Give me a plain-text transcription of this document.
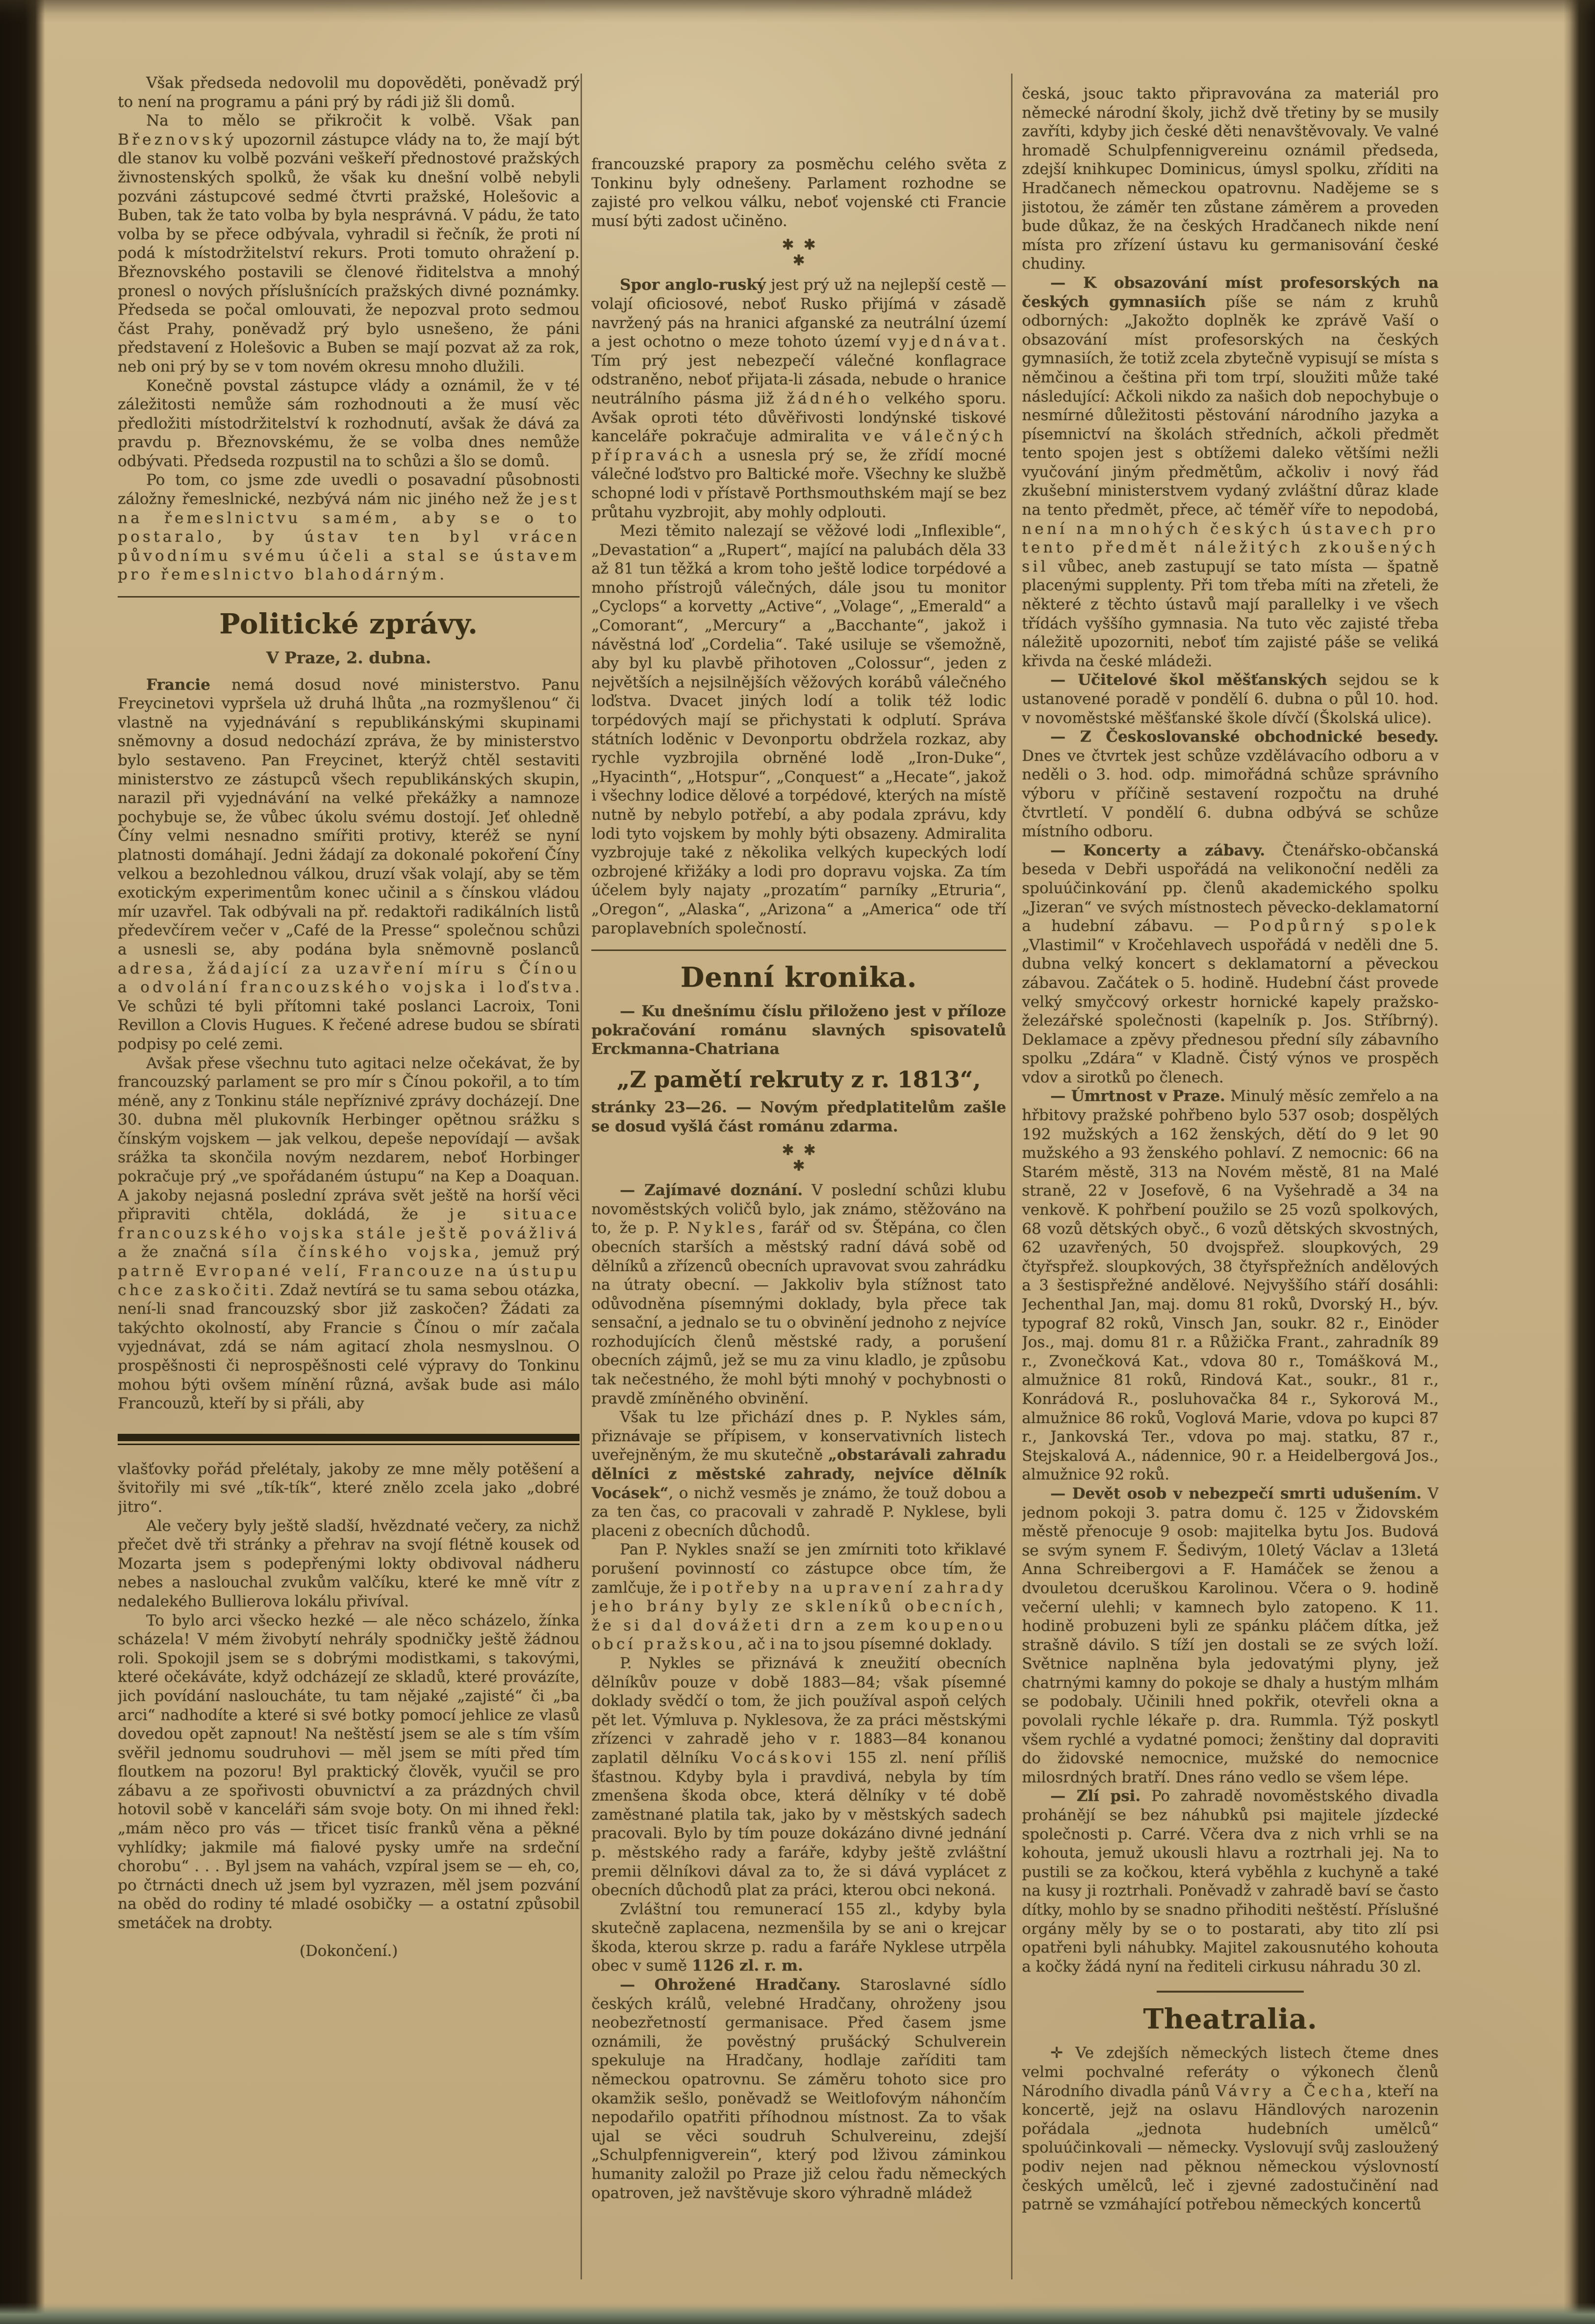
Však předseda nedovolil mu dopověděti, poněvadž prý to není na programu a páni prý by rádi již šli domů.

Na to mělo se přikročit k volbě. Však pan Březnovský upozornil zástupce vlády na to, že mají být dle stanov ku volbě pozváni veškeří přednostové pražských živnostenských spolků, že však ku dnešní volbě nebyli pozváni zástupcové sedmé čtvrti pražské, Holešovic a Buben, tak že tato volba by byla nesprávná. V pádu, že tato volba by se přece odbývala, vyhradil si řečník, že proti ní podá k místodržitelství rekurs. Proti tomuto ohražení p. Březnovského postavili se členové řiditelstva a mnohý pronesl o nových příslušnících pražských divné poznámky. Předseda se počal omlouvati, že nepozval proto sedmou část Prahy, poněvadž prý bylo usnešeno, že páni představení z Holešovic a Buben se mají pozvat až za rok, neb oni prý by se v tom novém okresu mnoho dlužili.

Konečně povstal zástupce vlády a oznámil, že v té záležitosti nemůže sám rozhodnouti a že musí věc předložiti místodržitelství k rozhodnutí, avšak že dává za pravdu p. Březnovskému, že se volba dnes nemůže odbývati. Předseda rozpustil na to schůzi a šlo se domů.

Po tom, co jsme zde uvedli o posavadní působnosti záložny řemeslnické, nezbývá nám nic jiného než že jest na řemeslnictvu samém, aby se o to postaralo, by ústav ten byl vrácen původnímu svému účeli a stal se ústavem pro řemeslnictvo blahodárným.

Politické zprávy.
V Praze, 2. dubna.

Francie nemá dosud nové ministerstvo. Panu Freycinetovi vypršela už druhá lhůta „na rozmyšlenou“ či vlastně na vyjednávání s republikánskými skupinami sněmovny a dosud nedochází zpráva, že by ministerstvo bylo sestaveno. Pan Freycinet, kterýž chtěl sestaviti ministerstvo ze zástupců všech republikánských skupin, narazil při vyjednávání na velké překážky a namnoze pochybuje se, že vůbec úkolu svému dostojí. Jeť ohledně Číny velmi nesnadno smířiti protivy, kteréž se nyní platnosti domáhají. Jedni žádají za dokonalé pokoření Číny velkou a bezohlednou válkou, druzí však volají, aby se těm exotickým experimentům konec učinil a s čínskou vládou mír uzavřel. Tak odbývali na př. redaktoři radikálních listů předevčírem večer v „Café de la Presse“ společnou schůzi a usnesli se, aby podána byla sněmovně poslanců adresa, žádající za uzavření míru s Čínou a odvolání francouzského vojska i loďstva. Ve schůzi té byli přítomni také poslanci Lacroix, Toni Revillon a Clovis Hugues. K řečené adrese budou se sbírati podpisy po celé zemi.

Avšak přese všechnu tuto agitaci nelze očekávat, že by francouzský parlament se pro mír s Čínou pokořil, a to tím méně, any z Tonkinu stále nepříznivé zprávy docházejí. Dne 30. dubna měl plukovník Herbinger opětnou srážku s čínským vojskem — jak velkou, depeše nepovídají — avšak srážka ta skončila novým nezdarem, neboť Horbinger pokračuje prý „ve spořádaném ústupu“ na Kep a Doaquan. A jakoby nejasná poslední zpráva svět ještě na horší věci připraviti chtěla, dokládá, že je situace francouzského vojska stále ještě povážlivá a že značná síla čínského vojska, jemuž prý patrně Evropané velí, Francouze na ústupu chce zaskočiti. Zdaž nevtírá se tu sama sebou otázka, není-li snad francouzský sbor již zaskočen? Žádati za takýchto okolností, aby Francie s Čínou o mír začala vyjednávat, zdá se nám agitací zhola nesmyslnou. O prospěšnosti či neprospěšnosti celé výpravy do Tonkinu mohou býti ovšem mínění různá, avšak bude asi málo Francouzů, kteří by si přáli, aby

vlašťovky pořád přelétaly, jakoby ze mne měly potěšení a švitořily mi své „tík-tík“, které znělo zcela jako „dobré jitro“.

Ale večery byly ještě sladší, hvězdnaté večery, za nichž přečet dvě tři stránky a přehrav na svojí flétně kousek od Mozarta jsem s podepřenými lokty obdivoval nádheru nebes a naslouchal zvukům valčíku, které ke mně vítr z nedalekého Bullierova lokálu přivíval.

To bylo arci všecko hezké — ale něco scházelo, žínka scházela! V mém živobytí nehrály spodničky ještě žádnou roli. Spokojil jsem se s dobrými modistkami, s takovými, které očekáváte, když odcházejí ze skladů, které provázíte, jich povídání nasloucháte, tu tam nějaké „zajisté“ či „ba arci“ nadhodíte a které si své botky pomocí jehlice ze vlasů dovedou opět zapnout! Na neštěstí jsem se ale s tím vším svěřil jednomu soudruhovi — měl jsem se míti před tím floutkem na pozoru! Byl praktický člověk, vyučil se pro zábavu a ze spořivosti obuvnictví a za prázdných chvil hotovil sobě v kanceláři sám svoje boty. On mi ihned řekl: „mám něco pro vás — třicet tisíc franků věna a pěkné vyhlídky; jakmile má fialové pysky umře na srdeční chorobu“ . . . Byl jsem na vahách, vzpíral jsem se — eh, co, po čtrnácti dnech už jsem byl vyzrazen, měl jsem pozvání na oběd do rodiny té mladé osobičky — a ostatní způsobil smetáček na drobty.

(Dokončení.)

francouzské prapory za posměchu celého světa z Tonkinu byly odnešeny. Parlament rozhodne se zajisté pro velkou válku, neboť vojenské cti Francie musí býti zadost učiněno.

✱  ✱
✱

Spor anglo-ruský jest prý už na nejlepší cestě — volají oficiosové, neboť Rusko přijímá v zásadě navržený pás na hranici afganské za neutrální území a jest ochotno o meze tohoto území vyjednávat. Tím prý jest nebezpečí válečné konflagrace odstraněno, neboť přijata-li zásada, nebude o hranice neutrálního pásma již žádného velkého sporu. Avšak oproti této důvěřivosti londýnské tiskové kanceláře pokračuje admiralita ve válečných přípravách a usnesla prý se, že zřídí mocné válečné loďstvo pro Baltické moře. Všechny ke službě schopné lodi v přístavě Porthsmouthském mají se bez průtahu vyzbrojit, aby mohly odplouti.

Mezi těmito nalezají se věžové lodi „Inflexible“, „Devastation“ a „Rupert“, mající na palubách děla 33 až 81 tun těžká a krom toho ještě lodice torpédové a mnoho přístrojů válečných, dále jsou tu monitor „Cyclops“ a korvetty „Active“, „Volage“, „Emerald“ a „Comorant“, „Mercury“ a „Bacchante“, jakož i návěstná loď „Cordelia“. Také usiluje se všemožně, aby byl ku plavbě přihotoven „Colossur“, jeden z největších a nejsilnějších věžových korábů válečného loďstva. Dvacet jiných lodí a tolik též lodic torpédových mají se přichystati k odplutí. Správa státních loděnic v Devonportu obdržela rozkaz, aby rychle vyzbrojila obrněné lodě „Iron-Duke“, „Hyacinth“, „Hotspur“, „Conquest“ a „Hecate“, jakož i všechny lodice dělové a torpédové, kterých na místě nutně by nebylo potřebí, a aby podala zprávu, kdy lodi tyto vojskem by mohly býti obsazeny. Admiralita vyzbrojuje také z několika velkých kupeckých lodí ozbrojené křižáky a lodi pro dopravu vojska. Za tím účelem byly najaty „prozatím“ parníky „Etruria“, „Oregon“, „Alaska“, „Arizona“ a „America“ ode tří paroplavebních společností.

Denní kronika.

— Ku dnešnímu číslu přiloženo jest v příloze pokračování románu slavných spisovatelů Erckmanna-Chatriana

„Z pamětí rekruty z r. 1813“,

stránky 23—26. — Novým předplatitelům zašle se dosud vyšlá část románu zdarma.

✱  ✱
✱

— Zajímavé doznání. V poslední schůzi klubu novoměstských voličů bylo, jak známo, stěžováno na to, že p. P. Nykles, farář od sv. Štěpána, co člen obecních starších a městský radní dává sobě od dělníků a zřízenců obecních upravovat svou zahrádku na útraty obecní. — Jakkoliv byla stížnost tato odůvodněna písemnými doklady, byla přece tak sensační, a jednalo se tu o obvinění jednoho z nejvíce rozhodujících členů městské rady, a porušení obecních zájmů, jež se mu za vinu kladlo, je způsobu tak nečestného, že mohl býti mnohý v pochybnosti o pravdě zmíněného obvinění.

Však tu lze přichází dnes p. P. Nykles sám, přiznávaje se přípisem, v konservativních listech uveřejněným, že mu skutečně „obstarávali zahradu dělníci z městské zahrady, nejvíce dělník Vocásek“, o nichž vesměs je známo, že touž dobou a za ten čas, co pracovali v zahradě P. Nyklese, byli placeni z obecních důchodů.

Pan P. Nykles snaží se jen zmírniti toto křiklavé porušení povinností co zástupce obce tím, že zamlčuje, že i potřeby na upravení zahrady jeho brány byly ze skleníků obecních, že si dal dovážeti drn a zem koupenou obcí pražskou, ač i na to jsou písemné doklady.

P. Nykles se přiznává k zneužití obecních dělníkův pouze v době 1883—84; však písemné doklady svědčí o tom, že jich používal aspoň celých pět let. Výmluva p. Nyklesova, že za práci městskými zřízenci v zahradě jeho v r. 1883—84 konanou zaplatil dělníku Vocáskovi 155 zl. není příliš šťastnou. Kdyby byla i pravdivá, nebyla by tím zmenšena škoda obce, která dělníky v té době zaměstnané platila tak, jako by v městských sadech pracovali. Bylo by tím pouze dokázáno divné jednání p. městského rady a faráře, kdyby ještě zvláštní premii dělníkovi dával za to, že si dává vyplácet z obecních důchodů plat za práci, kterou obci nekoná.

Zvláštní tou remunerací 155 zl., kdyby byla skutečně zaplacena, nezmenšila by se ani o krejcar škoda, kterou skrze p. radu a faráře Nyklese utrpěla obec v sumě 1126 zl. r. m.

— Ohrožené Hradčany. Staroslavné sídlo českých králů, velebné Hradčany, ohroženy jsou neobezřetností germanisace. Před časem jsme oznámili, že pověstný prušácký Schulverein spekuluje na Hradčany, hodlaje zaříditi tam německou opatrovnu. Se záměru tohoto sice pro okamžik sešlo, poněvadž se Weitlofovým náhončím nepodařilo opatřiti příhodnou místnost. Za to však ujal se věci soudruh Schulvereinu, zdejší „Schulpfennigverein“, který pod lživou záminkou humanity založil po Praze již celou řadu německých opatroven, jež navštěvuje skoro výhradně mládež

česká, jsouc takto připravována za materiál pro německé národní školy, jichž dvě třetiny by se musily zavříti, kdyby jich české děti nenavštěvovaly. Ve valné hromadě Schulpfennigvereinu oznámil předseda, zdejší knihkupec Dominicus, úmysl spolku, zříditi na Hradčanech německou opatrovnu. Nadějeme se s jistotou, že záměr ten zůstane záměrem a proveden bude důkaz, že na českých Hradčanech nikde není místa pro zřízení ústavu ku germanisování české chudiny.

— K obsazování míst profesorských na českých gymnasiích píše se nám z kruhů odborných: „Jakožto doplněk ke zprávě Vaší o obsazování míst profesorských na českých gymnasiích, že totiž zcela zbytečně vypisují se místa s němčinou a čeština při tom trpí, sloužiti může také následující: Ačkoli nikdo za našich dob nepochybuje o nesmírné důležitosti pěstování národního jazyka a písemnictví na školách středních, ačkoli předmět tento spojen jest s obtížemi daleko většími nežli vyučování jiným předmětům, ačkoliv i nový řád zkušební ministerstvem vydaný zvláštní důraz klade na tento předmět, přece, ač téměř víře to nepodobá, není na mnohých českých ústavech pro tento předmět náležitých zkoušených sil vůbec, aneb zastupují se tato místa — špatně placenými supplenty. Při tom třeba míti na zřeteli, že některé z těchto ústavů mají parallelky i ve všech třídách vyššího gymnasia. Na tuto věc zajisté třeba náležitě upozorniti, neboť tím zajisté páše se veliká křivda na české mládeži.

— Učitelové škol měšťanských sejdou se k ustanovené poradě v pondělí 6. dubna o půl 10. hod. v novoměstské měšťanské škole dívčí (Školská ulice).

— Z Českoslovanské obchodnické besedy. Dnes ve čtvrtek jest schůze vzdělávacího odboru a v neděli o 3. hod. odp. mimořádná schůze správního výboru v příčině sestavení rozpočtu na druhé čtvrtletí. V pondělí 6. dubna odbývá se schůze místního odboru.

— Koncerty a zábavy. Čtenářsko-občanská beseda v Debři uspořádá na velikonoční neděli za spoluúčinkování pp. členů akademického spolku „Jizeran“ ve svých místnostech pěvecko-deklamatorní a hudební zábavu. — Podpůrný spolek „Vlastimil“ v Kročehlavech uspořádá v neděli dne 5. dubna velký koncert s deklamatorní a pěveckou zábavou. Začátek o 5. hodině. Hudební část provede velký smyčcový orkestr hornické kapely pražsko-železářské společnosti (kapelník p. Jos. Stříbrný). Deklamace a zpěvy přednesou přední síly zábavního spolku „Zdára“ v Kladně. Čistý výnos ve prospěch vdov a sirotků po členech.

— Úmrtnost v Praze. Minulý měsíc zemřelo a na hřbitovy pražské pohřbeno bylo 537 osob; dospělých 192 mužských a 162 ženských, dětí do 9 let 90 mužského a 93 ženského pohlaví. Z nemocnic: 66 na Starém městě, 313 na Novém městě, 81 na Malé straně, 22 v Josefově, 6 na Vyšehradě a 34 na venkově. K pohřbení použilo se 25 vozů spolkových, 68 vozů dětských obyč., 6 vozů dětských skvostných, 62 uzavřených, 50 dvojspřež. sloupkových, 29 čtyřspřež. sloupkových, 38 čtyřspřežních andělových a 3 šestispřežné andělové. Nejvyššího stáří dosáhli: Jechenthal Jan, maj. domu 81 roků, Dvorský H., býv. typograf 82 roků, Vinsch Jan, soukr. 82 r., Einöder Jos., maj. domu 81 r. a Růžička Frant., zahradník 89 r., Zvonečková Kat., vdova 80 r., Tomášková M., almužnice 81 roků, Rindová Kat., soukr., 81 r., Konrádová R., posluhovačka 84 r., Sykorová M., almužnice 86 roků, Voglová Marie, vdova po kupci 87 r., Jankovská Ter., vdova po maj. statku, 87 r., Stejskalová A., nádennice, 90 r. a Heidelbergová Jos., almužnice 92 roků.

— Devět osob v nebezpečí smrti udušením. V jednom pokoji 3. patra domu č. 125 v Židovském městě přenocuje 9 osob: majitelka bytu Jos. Budová se svým synem F. Šedivým, 10letý Václav a 13letá Anna Schreibergovi a F. Hamáček se ženou a dvouletou dceruškou Karolinou. Včera o 9. hodině večerní ulehli; v kamnech bylo zatopeno. K 11. hodině probuzeni byli ze spánku pláčem dítka, jež strašně dávilo. S tíží jen dostali se ze svých loží. Světnice naplněna byla jedovatými plyny, jež chatrnými kamny do pokoje se dhaly a hustým mlhám se podobaly. Učinili hned pokřik, otevřeli okna a povolali rychle lékaře p. dra. Rummla. Týž poskytl všem rychlé a vydatné pomoci; ženštiny dal dopraviti do židovské nemocnice, mužské do nemocnice milosrdných bratří. Dnes ráno vedlo se všem lépe.

— Zlí psi. Po zahradě novoměstského divadla prohánějí se bez náhubků psi majitele jízdecké společnosti p. Carré. Včera dva z nich vrhli se na kohouta, jemuž ukousli hlavu a roztrhali jej. Na to pustili se za kočkou, která vyběhla z kuchyně a také na kusy ji roztrhali. Poněvadž v zahradě baví se často dítky, mohlo by se snadno přihoditi neštěstí. Příslušné orgány měly by se o to postarati, aby tito zlí psi opatřeni byli náhubky. Majitel zakousnutého kohouta a kočky žádá nyní na řediteli cirkusu náhradu 30 zl.

Theatralia.

✛ Ve zdejších německých listech čteme dnes velmi pochvalné referáty o výkonech členů Národního divadla pánů Vávry a Čecha, kteří na koncertě, jejž na oslavu Händlových narozenin pořádala „jednota hudebních umělců“ spoluúčinkovali — německy. Vyslovují svůj zasloužený podiv nejen nad pěknou německou výslovností českých umělců, leč i zjevné zadostučinění nad patrně se vzmáhající potřebou německých koncertů
